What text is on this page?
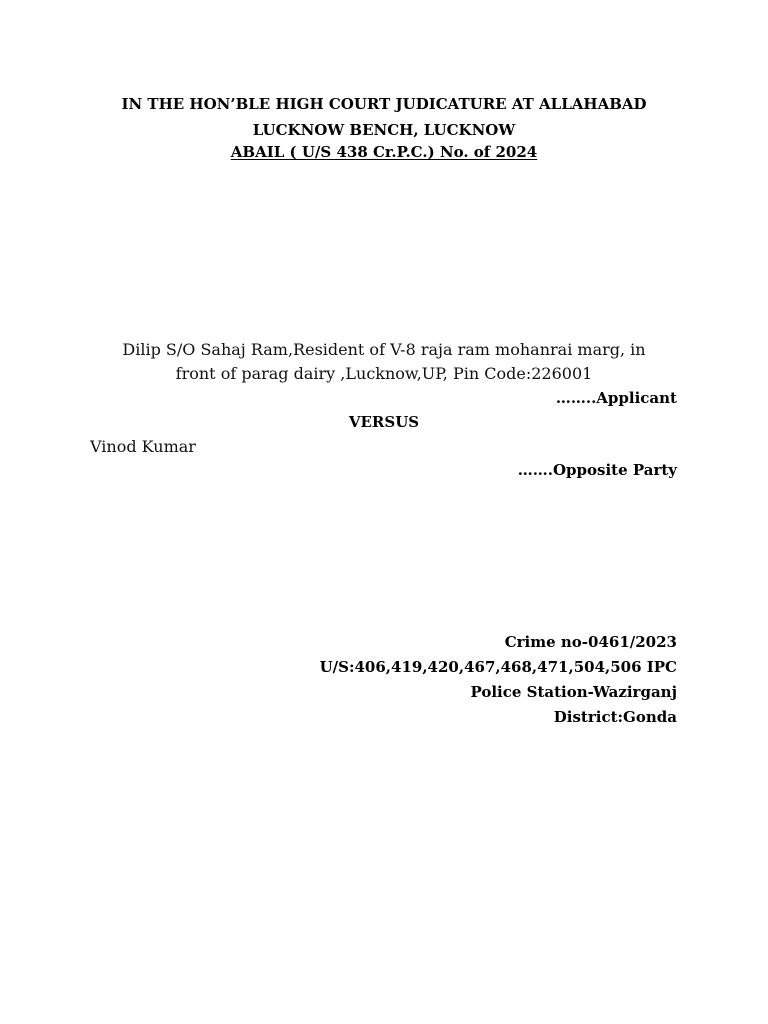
IN THE HON’BLE HIGH COURT JUDICATURE AT ALLAHABAD
LUCKNOW BENCH, LUCKNOW
ABAIL ( U/S 438 Cr.P.C.) No. of 2024
Dilip S/O Sahaj Ram,Resident of V-8 raja ram mohanrai marg, in
front of parag dairy ,Lucknow,UP, Pin Code:226001
……..Applicant
VERSUS
Vinod Kumar
…….Opposite Party
Crime no-0461/2023
U/S:406,419,420,467,468,471,504,506 IPC
Police Station-Wazirganj
District:Gonda
